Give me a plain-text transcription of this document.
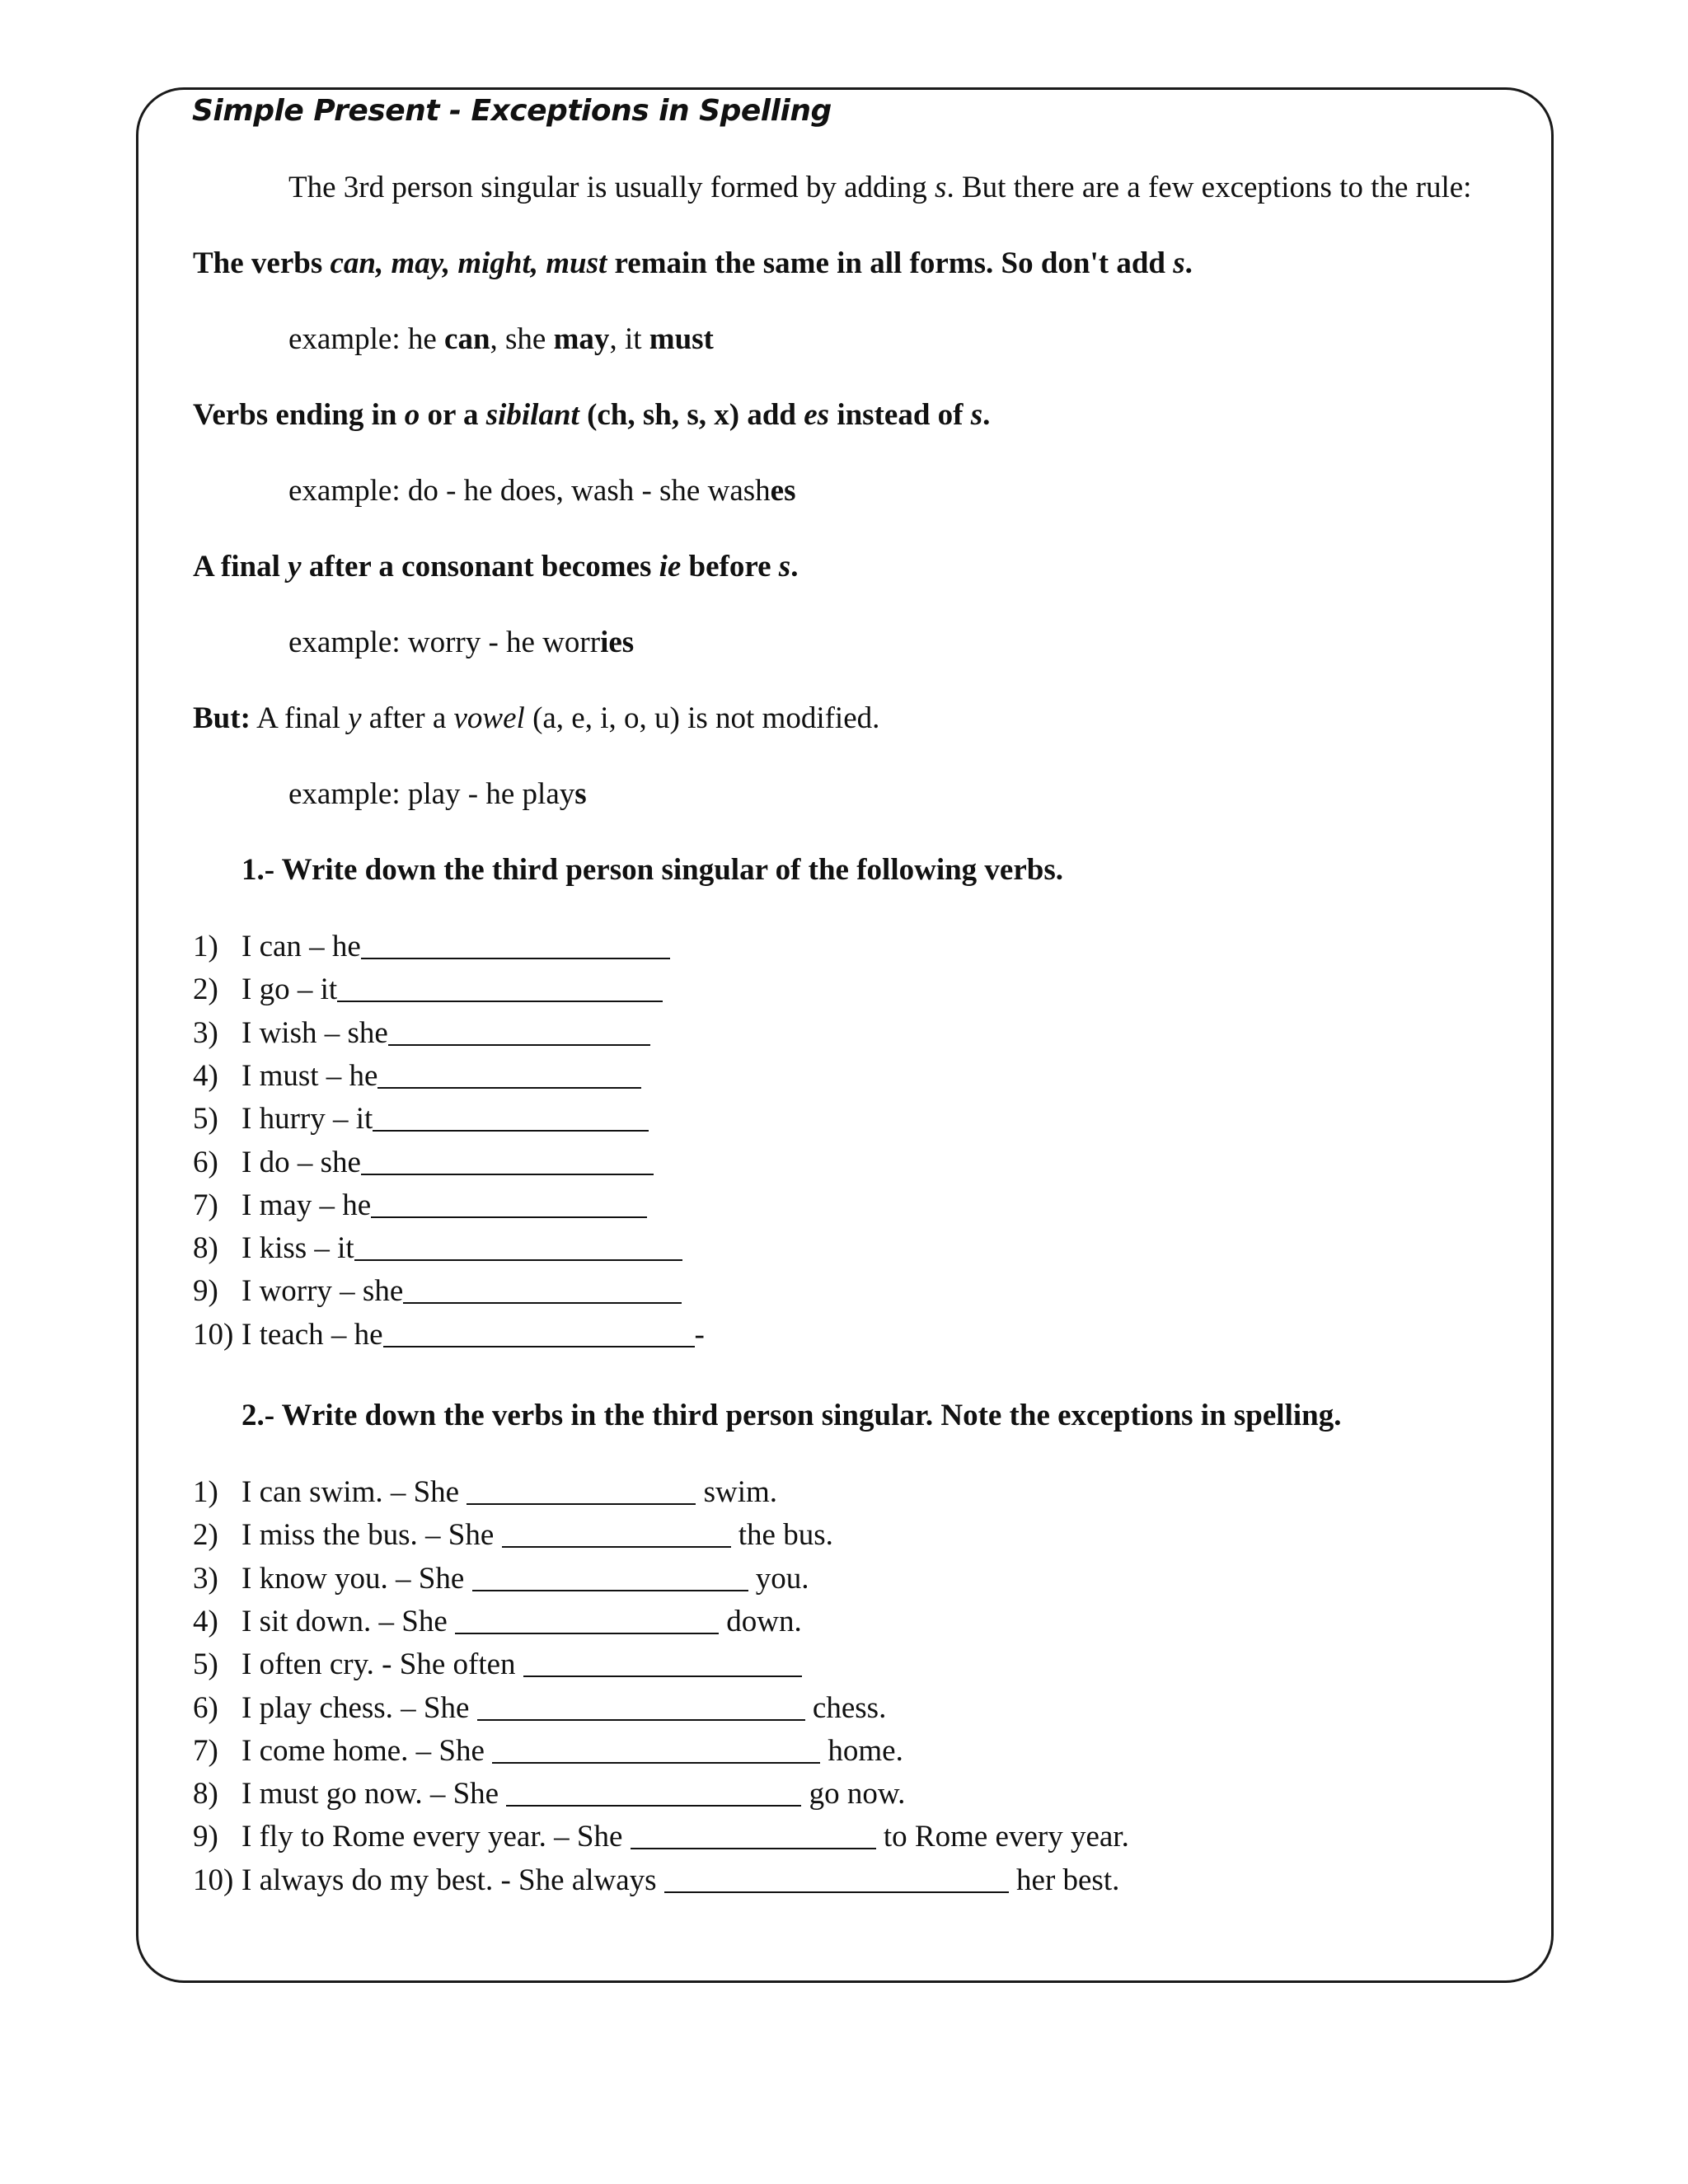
Simple Present - Exceptions in Spelling
The 3rd person singular is usually formed by adding s. But there are a few exceptions to the rule:
The verbs can, may, might, must remain the same in all forms. So don't add s.
example: he can, she may, it must
Verbs ending in o or a sibilant (ch, sh, s, x) add es instead of s.
example: do - he does, wash - she washes
A final y after a consonant becomes ie before s.
example: worry - he worries
But: A final y after a vowel (a, e, i, o, u) is not modified.
example: play - he plays
1.- Write down the third person singular of the following verbs.
1) I can – he
2) I go – it
3) I wish – she
4) I must – he
5) I hurry – it
6) I do – she
7) I may – he
8) I kiss – it
9) I worry – she
10) I teach – he	-
2.- Write down the verbs in the third person singular. Note the exceptions in spelling.
1) I can swim. – She	swim.
2) I miss the bus. – She	the bus.
3) I know you. – She	you.
4) I sit down. – She	down.
5) I often cry. - She often
6) I play chess. – She	chess.
7) I come home. – She	home.
8) I must go now. – She	go now.
9) I fly to Rome every year. – She	to Rome every year.
10) I always do my best. - She always	her best.
